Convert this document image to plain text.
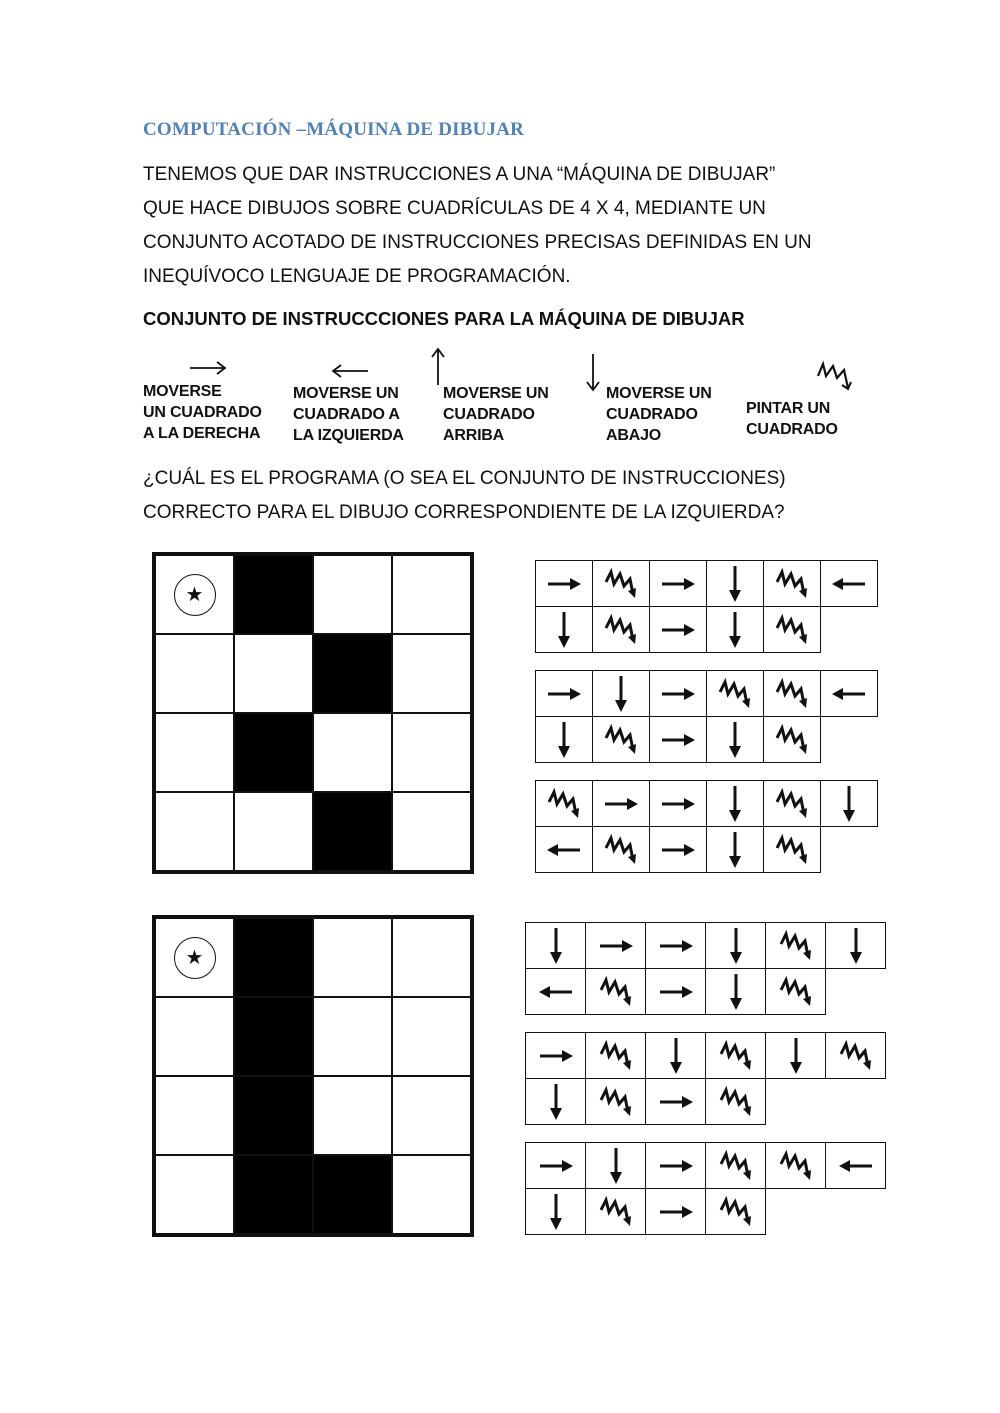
COMPUTACIÓN –MÁQUINA DE DIBUJAR
TENEMOS QUE DAR INSTRUCCIONES A UNA “MÁQUINA DE DIBUJAR”
QUE HACE DIBUJOS SOBRE CUADRÍCULAS DE 4 X 4, MEDIANTE UN
CONJUNTO ACOTADO DE INSTRUCCIONES PRECISAS DEFINIDAS EN UN
INEQUÍVOCO LENGUAJE DE PROGRAMACIÓN.
CONJUNTO DE INSTRUCCCIONES PARA LA MÁQUINA DE DIBUJAR
MOVERSE
UN CUADRADO
A LA DERECHA
MOVERSE UN
CUADRADO A
LA IZQUIERDA
MOVERSE UN
CUADRADO
ARRIBA
MOVERSE UN
CUADRADO
ABAJO
PINTAR UN
CUADRADO
¿CUÁL ES EL PROGRAMA (O SEA EL CONJUNTO DE INSTRUCCIONES)
CORRECTO PARA EL DIBUJO CORRESPONDIENTE DE LA IZQUIERDA?
★
★
